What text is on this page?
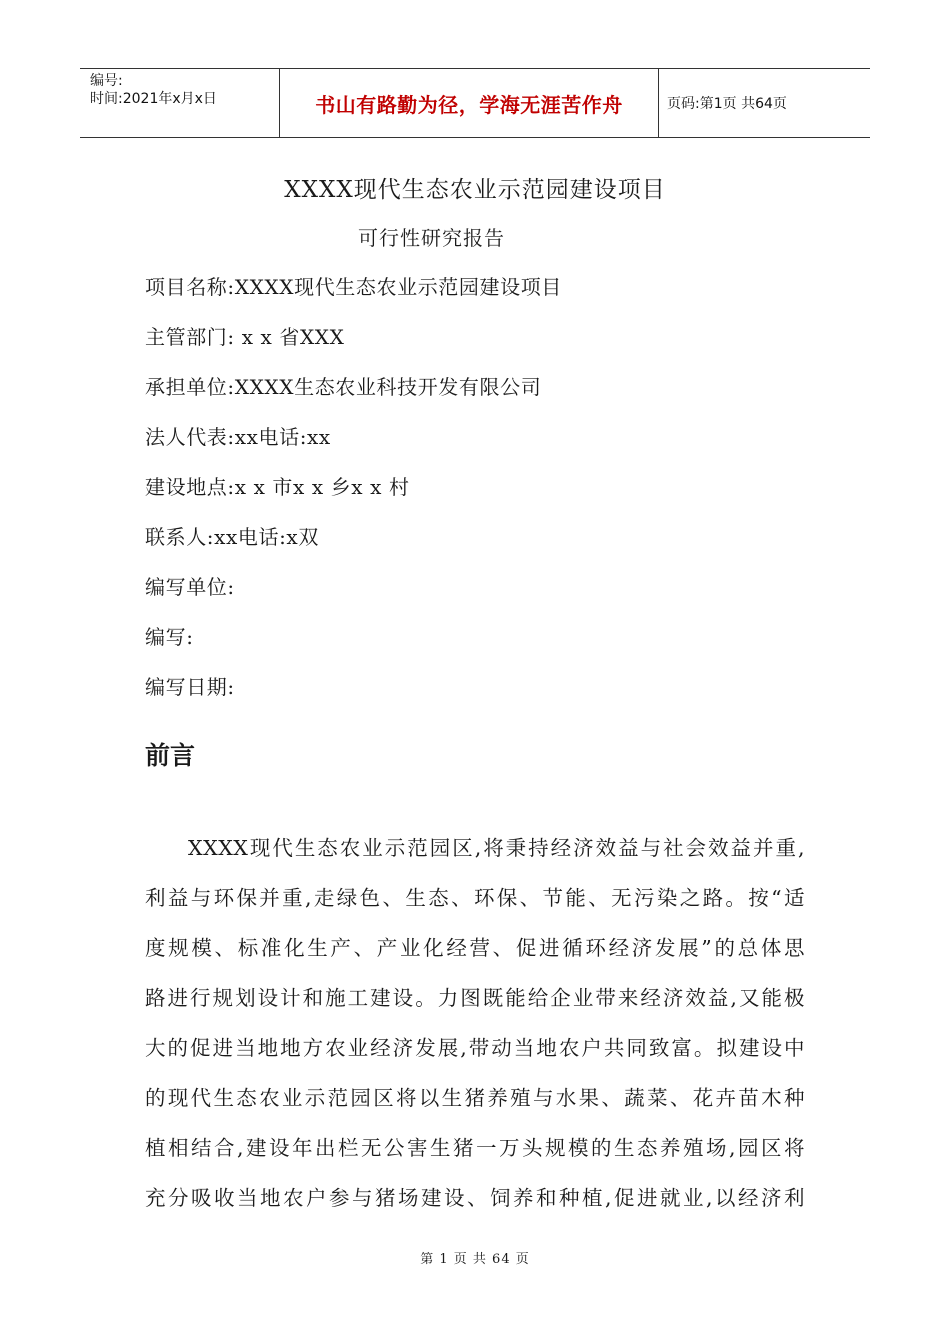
编号:
时间:2021年x月x日	书山有路勤为径，学海无涯苦作舟	页码:第1页 共64页
XXXX现代生态农业示范园建设项目
可行性研究报告
项目名称:XXXX现代生态农业示范园建设项目
主管部门: x x 省XXX
承担单位:XXXX生态农业科技开发有限公司
法人代表:xx电话:xx
建设地点:x x 市x x 乡x x 村
联系人:xx电话:x双
编写单位:
编写:
编写日期:
前言
XXXX现代生态农业示范园区,将秉持经济效益与社会效益并重,
利益与环保并重,走绿色、生态、环保、节能、无污染之路。按“适
度规模、标准化生产、产业化经营、促进循环经济发展”的总体思
路进行规划设计和施工建设。力图既能给企业带来经济效益,又能极
大的促进当地地方农业经济发展,带动当地农户共同致富。拟建设中
的现代生态农业示范园区将以生猪养殖与水果、蔬菜、花卉苗木种
植相结合,建设年出栏无公害生猪一万头规模的生态养殖场,园区将
充分吸收当地农户参与猪场建设、饲养和种植,促进就业,以经济利
第 1 页 共 64 页
